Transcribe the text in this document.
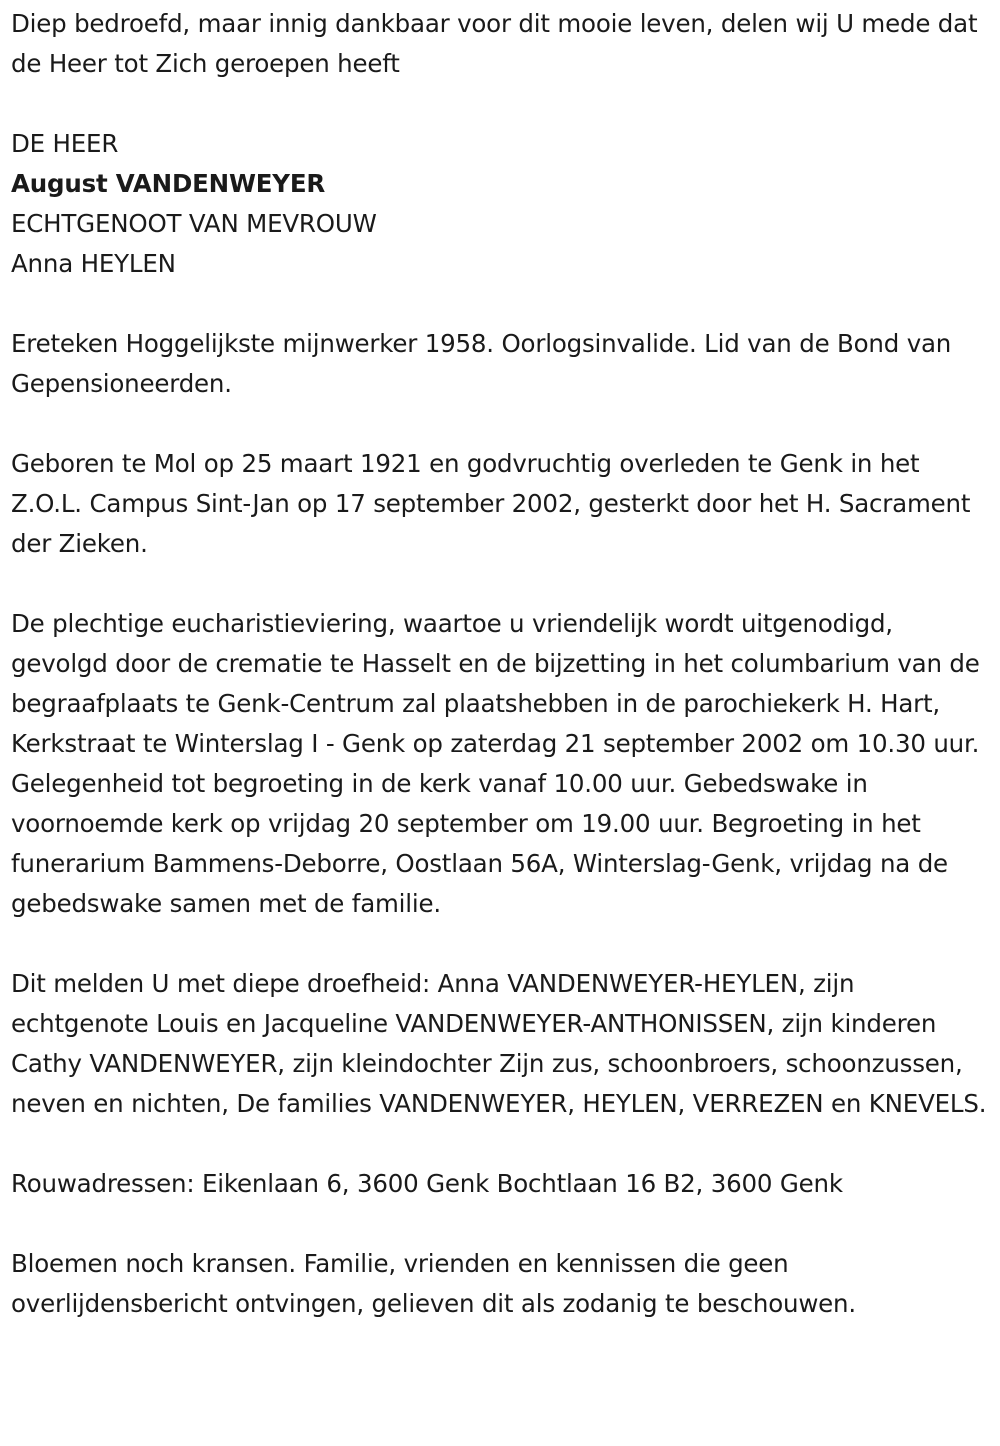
Diep bedroefd, maar innig dankbaar voor dit mooie leven, delen wij U mede dat de Heer tot Zich geroepen heeft

DE HEER

August VANDENWEYER

ECHTGENOOT VAN MEVROUW

Anna HEYLEN

Ereteken Hoggelijkste mijnwerker 1958. Oorlogsinvalide. Lid van de Bond van Gepensioneerden.

Geboren te Mol op 25 maart 1921 en godvruchtig overleden te Genk in het Z.O.L. Campus Sint-Jan op 17 september 2002, gesterkt door het H. Sacrament der Zieken.

De plechtige eucharistieviering, waartoe u vriendelijk wordt uitgenodigd, gevolgd door de crematie te Hasselt en de bijzetting in het columbarium van de begraafplaats te Genk-Centrum zal plaatshebben in de parochiekerk H. Hart, Kerkstraat te Winterslag I - Genk op zaterdag 21 september 2002 om 10.30 uur. Gelegenheid tot begroeting in de kerk vanaf 10.00 uur. Gebedswake in voornoemde kerk op vrijdag 20 september om 19.00 uur. Begroeting in het funerarium Bammens-Deborre, Oostlaan 56A, Winterslag-Genk, vrijdag na de gebedswake samen met de familie.

Dit melden U met diepe droefheid: Anna VANDENWEYER-HEYLEN, zijn echtgenote Louis en Jacqueline VANDENWEYER-ANTHONISSEN, zijn kinderen Cathy VANDENWEYER, zijn kleindochter Zijn zus, schoonbroers, schoonzussen, neven en nichten, De families VANDENWEYER, HEYLEN, VERREZEN en KNEVELS.

Rouwadressen: Eikenlaan 6, 3600 Genk Bochtlaan 16 B2, 3600 Genk

Bloemen noch kransen. Familie, vrienden en kennissen die geen overlijdensbericht ontvingen, gelieven dit als zodanig te beschouwen.
